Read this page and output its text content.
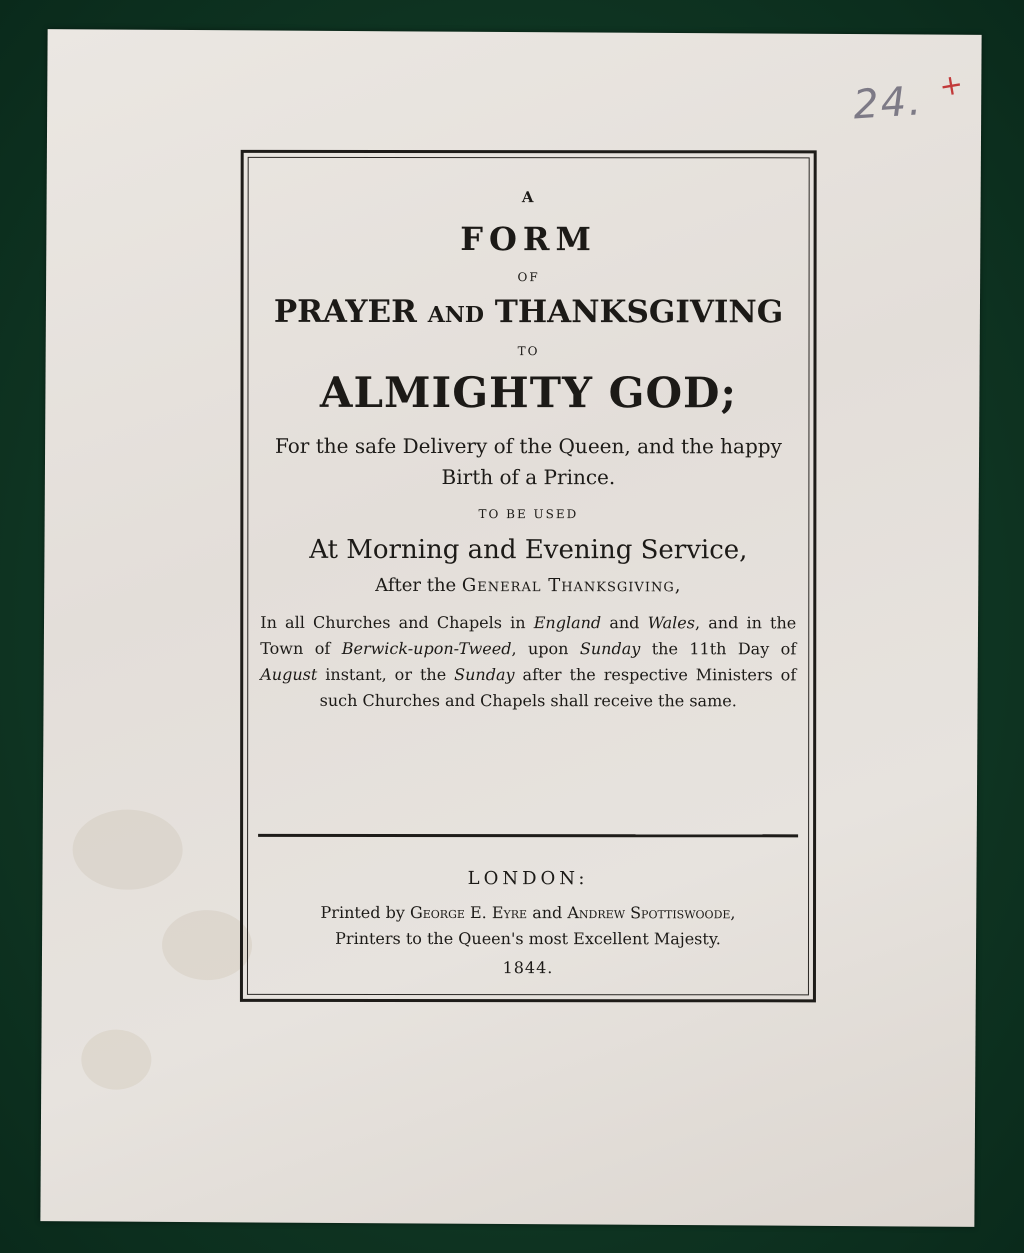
24. +
A
FORM
OF
PRAYER AND THANKSGIVING
TO
ALMIGHTY GOD;
For the safe Delivery of the Queen, and the happy Birth of a Prince.
TO BE USED
At Morning and Evening Service,
After the General Thanksgiving,
In all Churches and Chapels in England and Wales, and in the Town of Berwick-upon-Tweed, upon Sunday the 11th Day of August instant, or the Sunday after the respective Ministers of such Churches and Chapels shall receive the same.
LONDON:
Printed by George E. Eyre and Andrew Spottiswoode,
Printers to the Queen's most Excellent Majesty.
1844.
